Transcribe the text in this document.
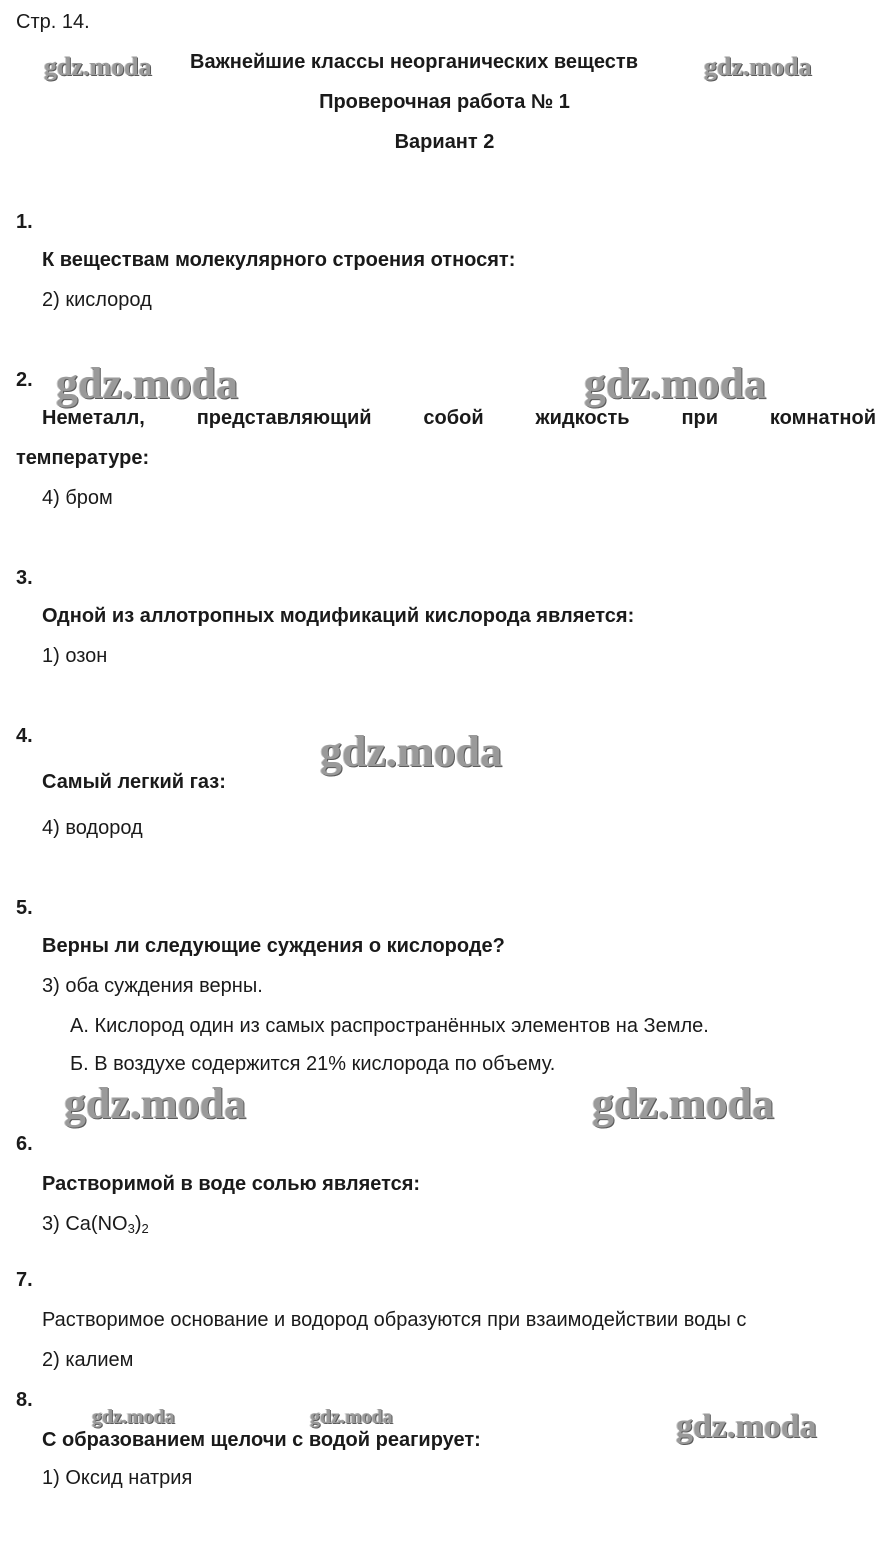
Стр. 14.
Важнейшие классы неорганических веществ
Проверочная работа № 1
Вариант 2
gdz.moda	gdz.moda
gdz.moda	gdz.moda
gdz.moda
gdz.moda	gdz.moda
gdz.moda	gdz.moda	gdz.moda
1.
К веществам молекулярного строения относят:
2) кислород
2.
Неметалл, представляющий собой жидкость при комнатной
температуре:
4) бром
3.
Одной из аллотропных модификаций кислорода является:
1) озон
4.
Самый легкий газ:
4) водород
5.
Верны ли следующие суждения о кислороде?
3) оба суждения верны.
А. Кислород один из самых распространённых элементов на Земле.
Б. В воздухе содержится 21% кислорода по объему.
6.
Растворимой в воде солью является:
3) $Ca(NO_3)_2$
7.
Растворимое основание и водород образуются при взаимодействии воды с
2) калием
8.
С образованием щелочи с водой реагирует:
1) Оксид натрия
